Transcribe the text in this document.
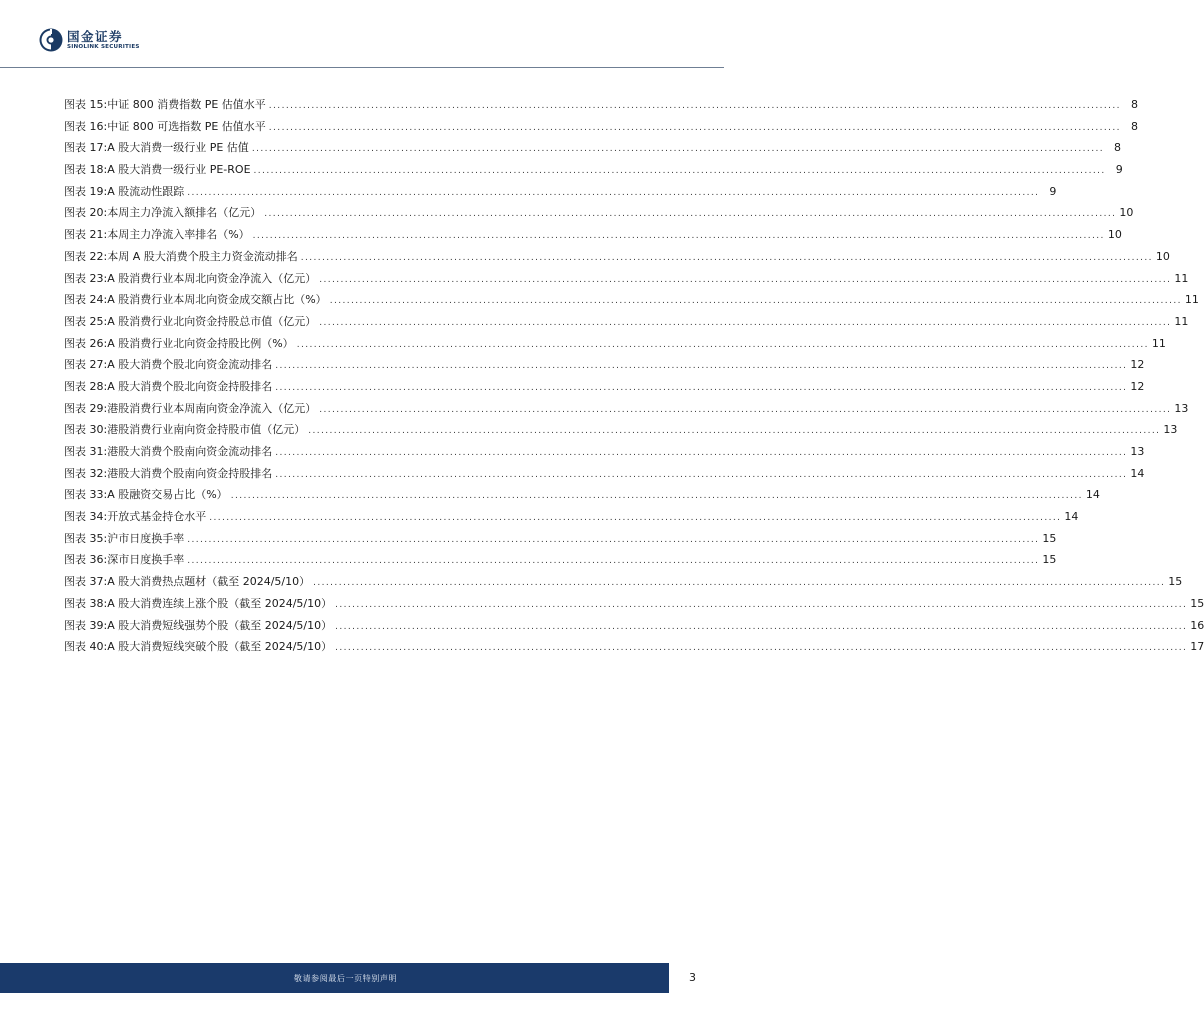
国金证券
SINOLINK SECURITIES
图表 15: 中证 800 消费指数 PE 估值水平 ........................................................................................................................................................................................................ 8
图表 16: 中证 800 可选指数 PE 估值水平 ........................................................................................................................................................................................................ 8
图表 17: A 股大消费一级行业 PE 估值 ........................................................................................................................................................................................................ 8
图表 18: A 股大消费一级行业 PE-ROE ........................................................................................................................................................................................................ 9
图表 19: A 股流动性跟踪 ........................................................................................................................................................................................................ 9
图表 20: 本周主力净流入额排名（亿元） ........................................................................................................................................................................................................ 10
图表 21: 本周主力净流入率排名（%） ........................................................................................................................................................................................................ 10
图表 22: 本周 A 股大消费个股主力资金流动排名 ........................................................................................................................................................................................................ 10
图表 23: A 股消费行业本周北向资金净流入（亿元） ........................................................................................................................................................................................................ 11
图表 24: A 股消费行业本周北向资金成交额占比（%） ........................................................................................................................................................................................................ 11
图表 25: A 股消费行业北向资金持股总市值（亿元） ........................................................................................................................................................................................................ 11
图表 26: A 股消费行业北向资金持股比例（%） ........................................................................................................................................................................................................ 11
图表 27: A 股大消费个股北向资金流动排名 ........................................................................................................................................................................................................ 12
图表 28: A 股大消费个股北向资金持股排名 ........................................................................................................................................................................................................ 12
图表 29: 港股消费行业本周南向资金净流入（亿元） ........................................................................................................................................................................................................ 13
图表 30: 港股消费行业南向资金持股市值（亿元） ........................................................................................................................................................................................................ 13
图表 31: 港股大消费个股南向资金流动排名 ........................................................................................................................................................................................................ 13
图表 32: 港股大消费个股南向资金持股排名 ........................................................................................................................................................................................................ 14
图表 33: A 股融资交易占比（%） ........................................................................................................................................................................................................ 14
图表 34: 开放式基金持仓水平 ........................................................................................................................................................................................................ 14
图表 35: 沪市日度换手率 ........................................................................................................................................................................................................ 15
图表 36: 深市日度换手率 ........................................................................................................................................................................................................ 15
图表 37: A 股大消费热点题材（截至 2024/5/10） ........................................................................................................................................................................................................ 15
图表 38: A 股大消费连续上涨个股（截至 2024/5/10） ........................................................................................................................................................................................................ 15
图表 39: A 股大消费短线强势个股（截至 2024/5/10） ........................................................................................................................................................................................................ 16
图表 40: A 股大消费短线突破个股（截至 2024/5/10） ........................................................................................................................................................................................................ 17
敬请参阅最后一页特别声明	3
